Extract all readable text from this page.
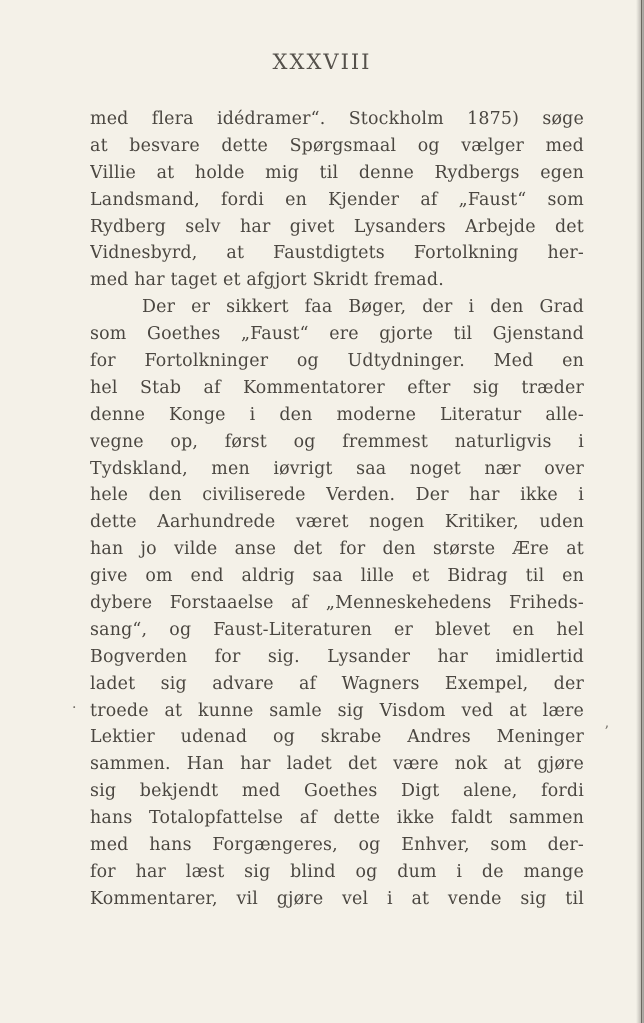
XXXVIII
med flera idédramer“. Stockholm 1875) søge
at besvare dette Spørgsmaal og vælger med
Villie at holde mig til denne Rydbergs egen
Landsmand, fordi en Kjender af „Faust“ som
Rydberg selv har givet Lysanders Arbejde det
Vidnesbyrd, at Faustdigtets Fortolkning her-
med har taget et afgjort Skridt fremad.
Der er sikkert faa Bøger, der i den Grad
som Goethes „Faust“ ere gjorte til Gjenstand
for Fortolkninger og Udtydninger. Med en
hel Stab af Kommentatorer efter sig træder
denne Konge i den moderne Literatur alle-
vegne op, først og fremmest naturligvis i
Tydskland, men iøvrigt saa noget nær over
hele den civiliserede Verden. Der har ikke i
dette Aarhundrede været nogen Kritiker, uden
han jo vilde anse det for den største Ære at
give om end aldrig saa lille et Bidrag til en
dybere Forstaaelse af „Menneskehedens Friheds-
sang“, og Faust-Literaturen er blevet en hel
Bogverden for sig. Lysander har imidlertid
ladet sig advare af Wagners Exempel, der
troede at kunne samle sig Visdom ved at lære
Lektier udenad og skrabe Andres Meninger
sammen. Han har ladet det være nok at gjøre
sig bekjendt med Goethes Digt alene, fordi
hans Totalopfattelse af dette ikke faldt sammen
med hans Forgængeres, og Enhver, som der-
for har læst sig blind og dum i de mange
Kommentarer, vil gjøre vel i at vende sig til
·
ʼ
